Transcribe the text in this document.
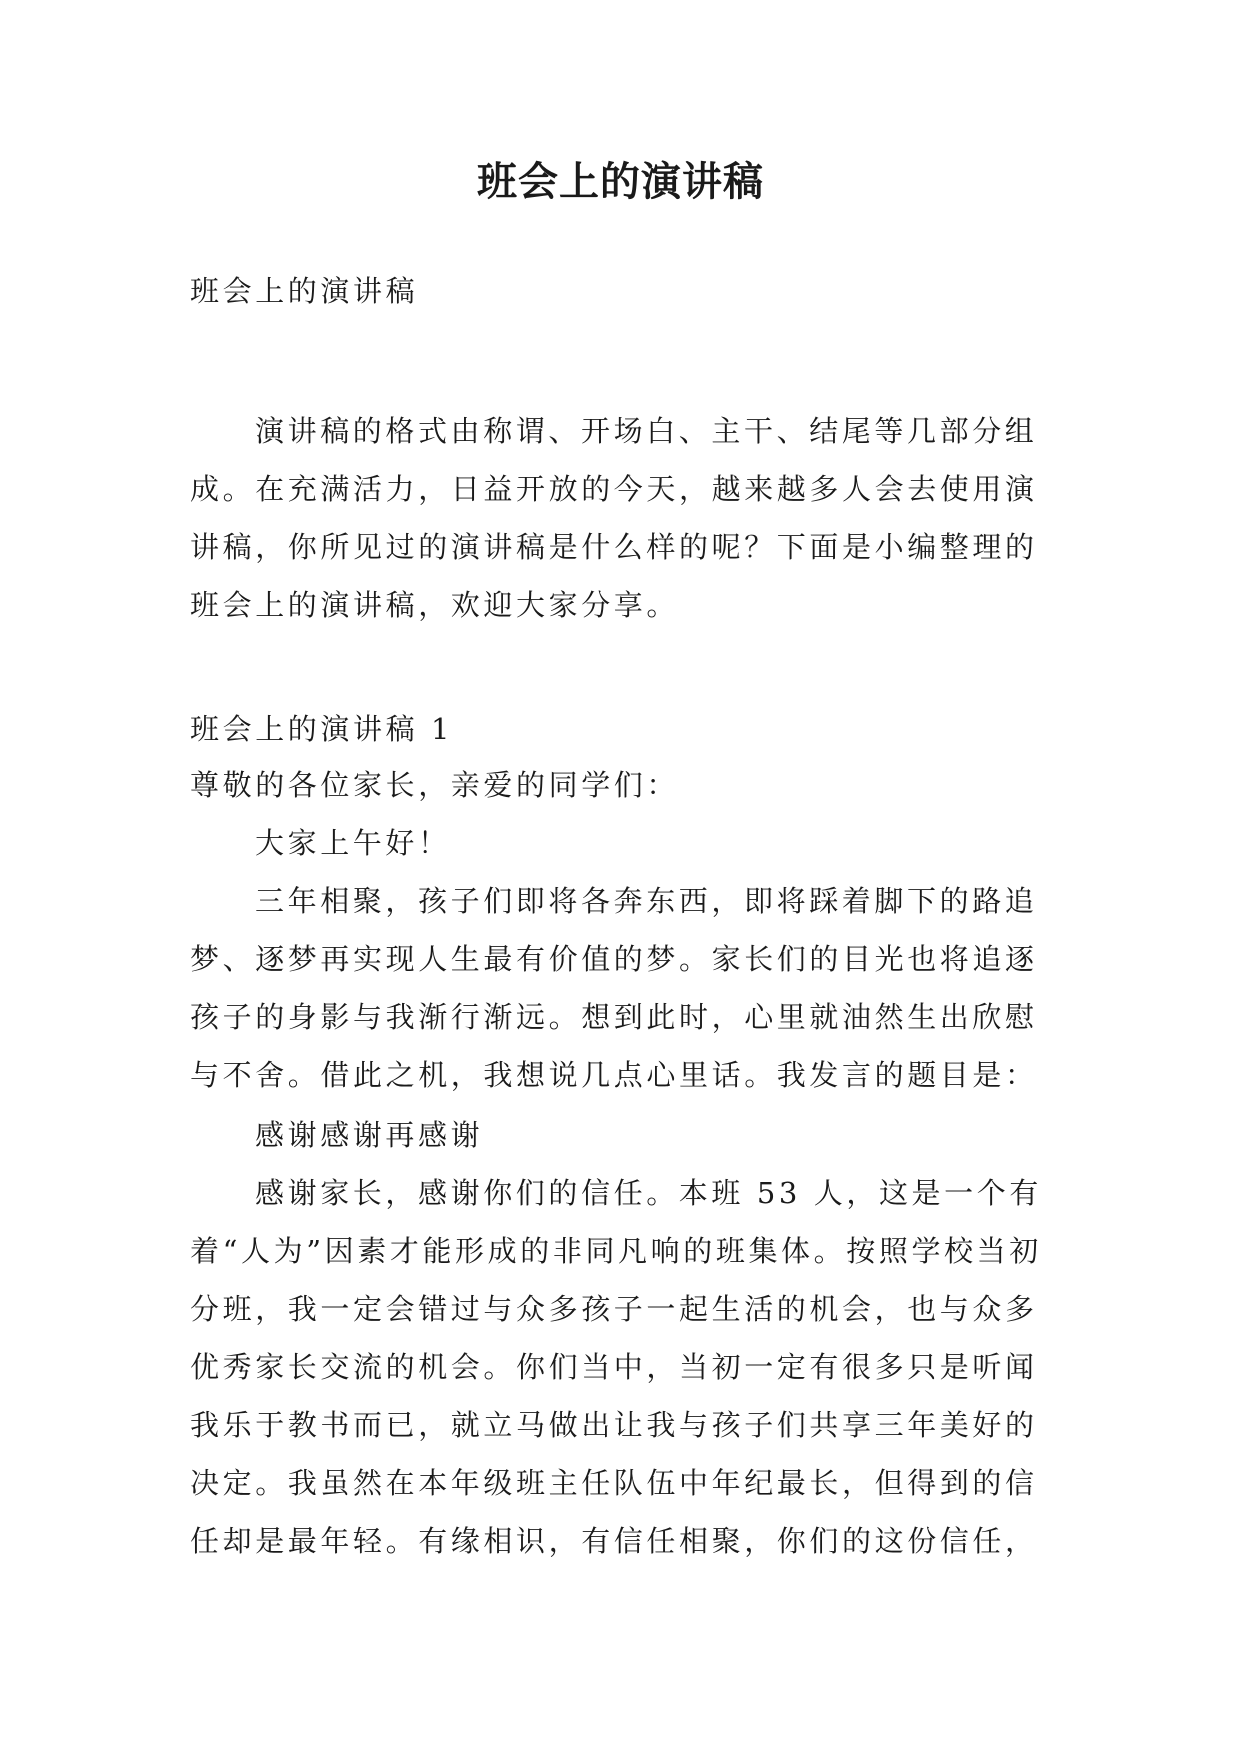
班会上的演讲稿

班会上的演讲稿

演讲稿的格式由称谓、开场白、主干、结尾等几部分组成。在充满活力，日益开放的今天，越来越多人会去使用演讲稿，你所见过的演讲稿是什么样的呢？下面是小编整理的班会上的演讲稿，欢迎大家分享。

班会上的演讲稿 1

尊敬的各位家长，亲爱的同学们：

大家上午好！

三年相聚，孩子们即将各奔东西，即将踩着脚下的路追梦、逐梦再实现人生最有价值的梦。家长们的目光也将追逐孩子的身影与我渐行渐远。想到此时，心里就油然生出欣慰与不舍。借此之机，我想说几点心里话。我发言的题目是：

感谢感谢再感谢

感谢家长，感谢你们的信任。本班 53 人，这是一个有着“人为”因素才能形成的非同凡响的班集体。按照学校当初分班，我一定会错过与众多孩子一起生活的机会，也与众多优秀家长交流的机会。你们当中，当初一定有很多只是听闻我乐于教书而已，就立马做出让我与孩子们共享三年美好的决定。我虽然在本年级班主任队伍中年纪最长，但得到的信任却是最年轻。有缘相识，有信任相聚，你们的这份信任，
